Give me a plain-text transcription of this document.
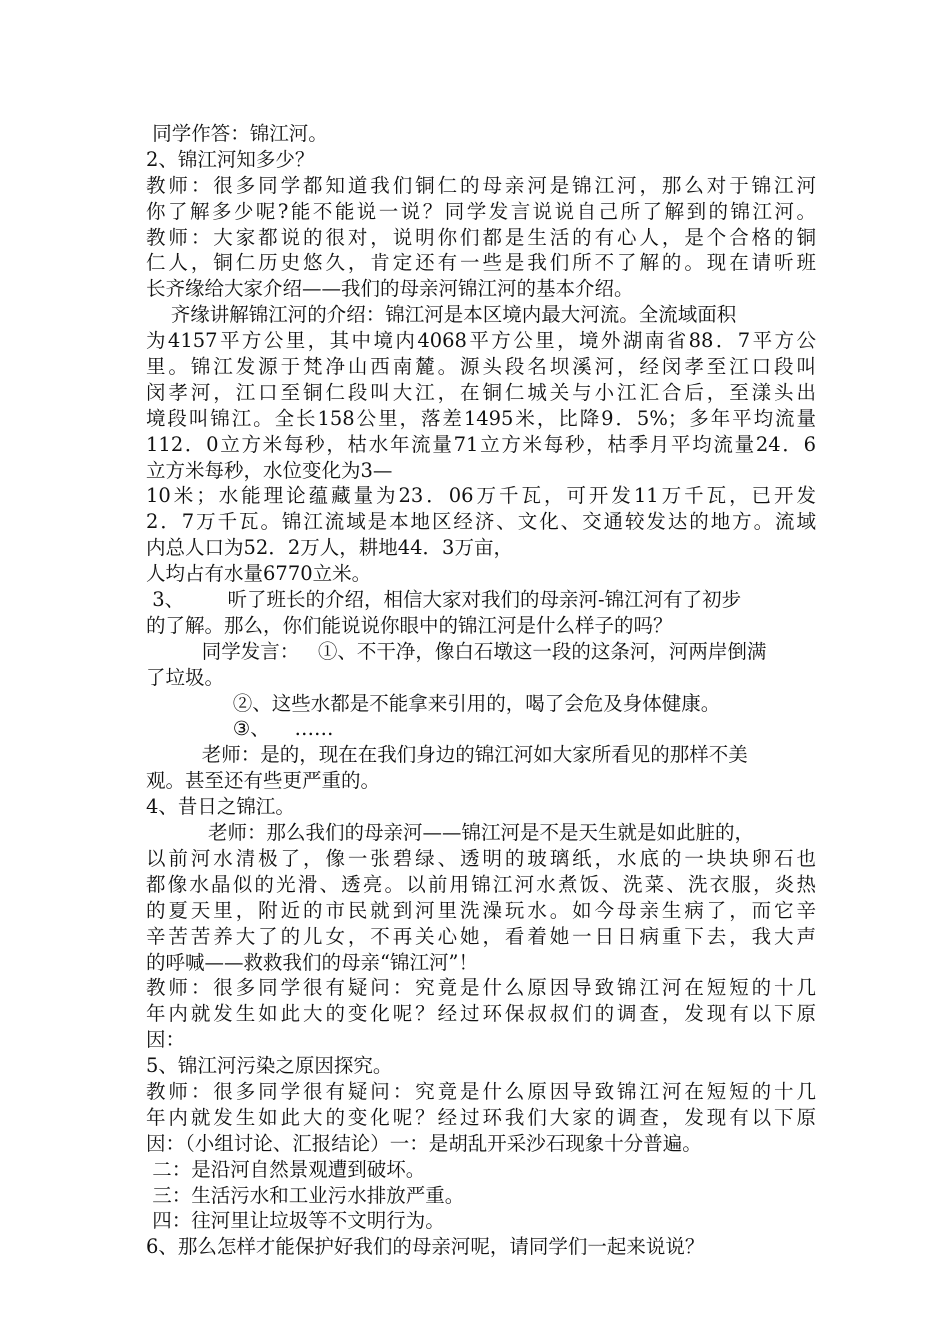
同学作答：锦江河。
2、锦江河知多少？
教师：很多同学都知道我们铜仁的母亲河是锦江河，那么对于锦江河
你了解多少呢?能不能说一说？同学发言说说自己所了解到的锦江河。
教师：大家都说的很对，说明你们都是生活的有心人，是个合格的铜
仁人，铜仁历史悠久，肯定还有一些是我们所不了解的。现在请听班
长齐缘给大家介绍——我们的母亲河锦江河的基本介绍。
齐缘讲解锦江河的介绍：锦江河是本区境内最大河流。全流域面积
为4157平方公里，其中境内4068平方公里，境外湖南省88．7平方公
里。锦江发源于梵净山西南麓。源头段名坝溪河，经闵孝至江口段叫
闵孝河，江口至铜仁段叫大江，在铜仁城关与小江汇合后，至漾头出
境段叫锦江。全长158公里，落差1495米，比降9．5%；多年平均流量
112．0立方米每秒，枯水年流量71立方米每秒，枯季月平均流量24．6
立方米每秒，水位变化为3—
10米；水能理论蕴藏量为23．06万千瓦，可开发11万千瓦，已开发
2．7万千瓦。锦江流域是本地区经济、文化、交通较发达的地方。流域
内总人口为52．2万人，耕地44．3万亩，
人均占有水量6770立米。
3、       听了班长的介绍，相信大家对我们的母亲河-锦江河有了初步
的了解。那么，你们能说说你眼中的锦江河是什么样子的吗？
同学发言：   ①、不干净，像白石墩这一段的这条河，河两岸倒满
了垃圾。
②、这些水都是不能拿来引用的，喝了会危及身体健康。
③、    ……
老师：是的，现在在我们身边的锦江河如大家所看见的那样不美
观。甚至还有些更严重的。
4、昔日之锦江。
老师：那么我们的母亲河——锦江河是不是天生就是如此脏的，
以前河水清极了，像一张碧绿、透明的玻璃纸，水底的一块块卵石也
都像水晶似的光滑、透亮。以前用锦江河水煮饭、洗菜、洗衣服，炎热
的夏天里，附近的市民就到河里洗澡玩水。如今母亲生病了，而它辛
辛苦苦养大了的儿女，不再关心她，看着她一日日病重下去，我大声
的呼喊——救救我们的母亲“锦江河”！
教师：很多同学很有疑问：究竟是什么原因导致锦江河在短短的十几
年内就发生如此大的变化呢？经过环保叔叔们的调查，发现有以下原
因：
5、锦江河污染之原因探究。
教师：很多同学很有疑问：究竟是什么原因导致锦江河在短短的十几
年内就发生如此大的变化呢？经过环我们大家的调查，发现有以下原
因：（小组讨论、汇报结论）一：是胡乱开采沙石现象十分普遍。
二：是沿河自然景观遭到破坏。
三：生活污水和工业污水排放严重。
四：往河里让垃圾等不文明行为。
6、那么怎样才能保护好我们的母亲河呢，请同学们一起来说说？
